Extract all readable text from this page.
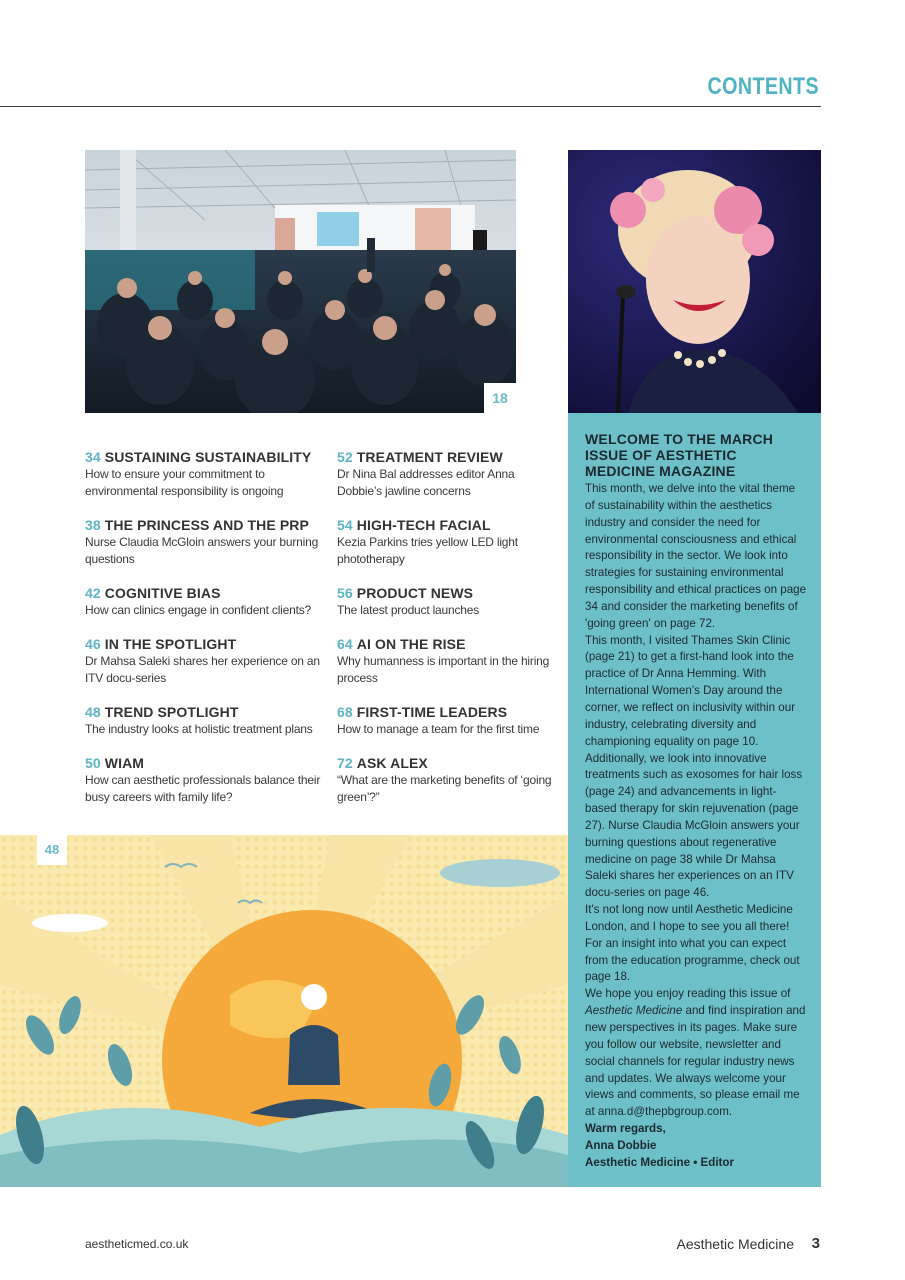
CONTENTS
18
34 SUSTAINING SUSTAINABILITY
How to ensure your commitment to environmental responsibility is ongoing
38 THE PRINCESS AND THE PRP
Nurse Claudia McGloin answers your burning questions
42 COGNITIVE BIAS
How can clinics engage in confident clients?
46 IN THE SPOTLIGHT
Dr Mahsa Saleki shares her experience on an ITV docu-series
48 TREND SPOTLIGHT
The industry looks at holistic treatment plans
50 WIAM
How can aesthetic professionals balance their busy careers with family life?
52 TREATMENT REVIEW
Dr Nina Bal addresses editor Anna Dobbie’s jawline concerns
54 HIGH-TECH FACIAL
Kezia Parkins tries yellow LED light phototherapy
56 PRODUCT NEWS
The latest product launches
64 AI ON THE RISE
Why humanness is important in the hiring process
68 FIRST-TIME LEADERS
How to manage a team for the first time
72 ASK ALEX
“What are the marketing benefits of ‘going green’?”
WELCOME TO THE MARCH ISSUE OF AESTHETIC MEDICINE MAGAZINE

This month, we delve into the vital theme of sustainability within the aesthetics industry and consider the need for environmental consciousness and ethical responsibility in the sector. We look into strategies for sustaining environmental responsibility and ethical practices on page 34 and consider the marketing benefits of 'going green' on page 72.

This month, I visited Thames Skin Clinic (page 21) to get a first-hand look into the practice of Dr Anna Hemming. With International Women’s Day around the corner, we reflect on inclusivity within our industry, celebrating diversity and championing equality on page 10. Additionally, we look into innovative treatments such as exosomes for hair loss (page 24) and advancements in light-based therapy for skin rejuvenation (page 27). Nurse Claudia McGloin answers your burning questions about regenerative medicine on page 38 while Dr Mahsa Saleki shares her experiences on an ITV docu-series on page 46.

It's not long now until Aesthetic Medicine London, and I hope to see you all there! For an insight into what you can expect from the education programme, check out page 18.

We hope you enjoy reading this issue of Aesthetic Medicine and find inspiration and new perspectives in its pages. Make sure you follow our website, newsletter and social channels for regular industry news and updates. We always welcome your views and comments, so please email me at anna.d@thepbgroup.com.

Warm regards,

Anna Dobbie

Aesthetic Medicine • Editor

48
aestheticmed.co.uk	Aesthetic Medicine 3
